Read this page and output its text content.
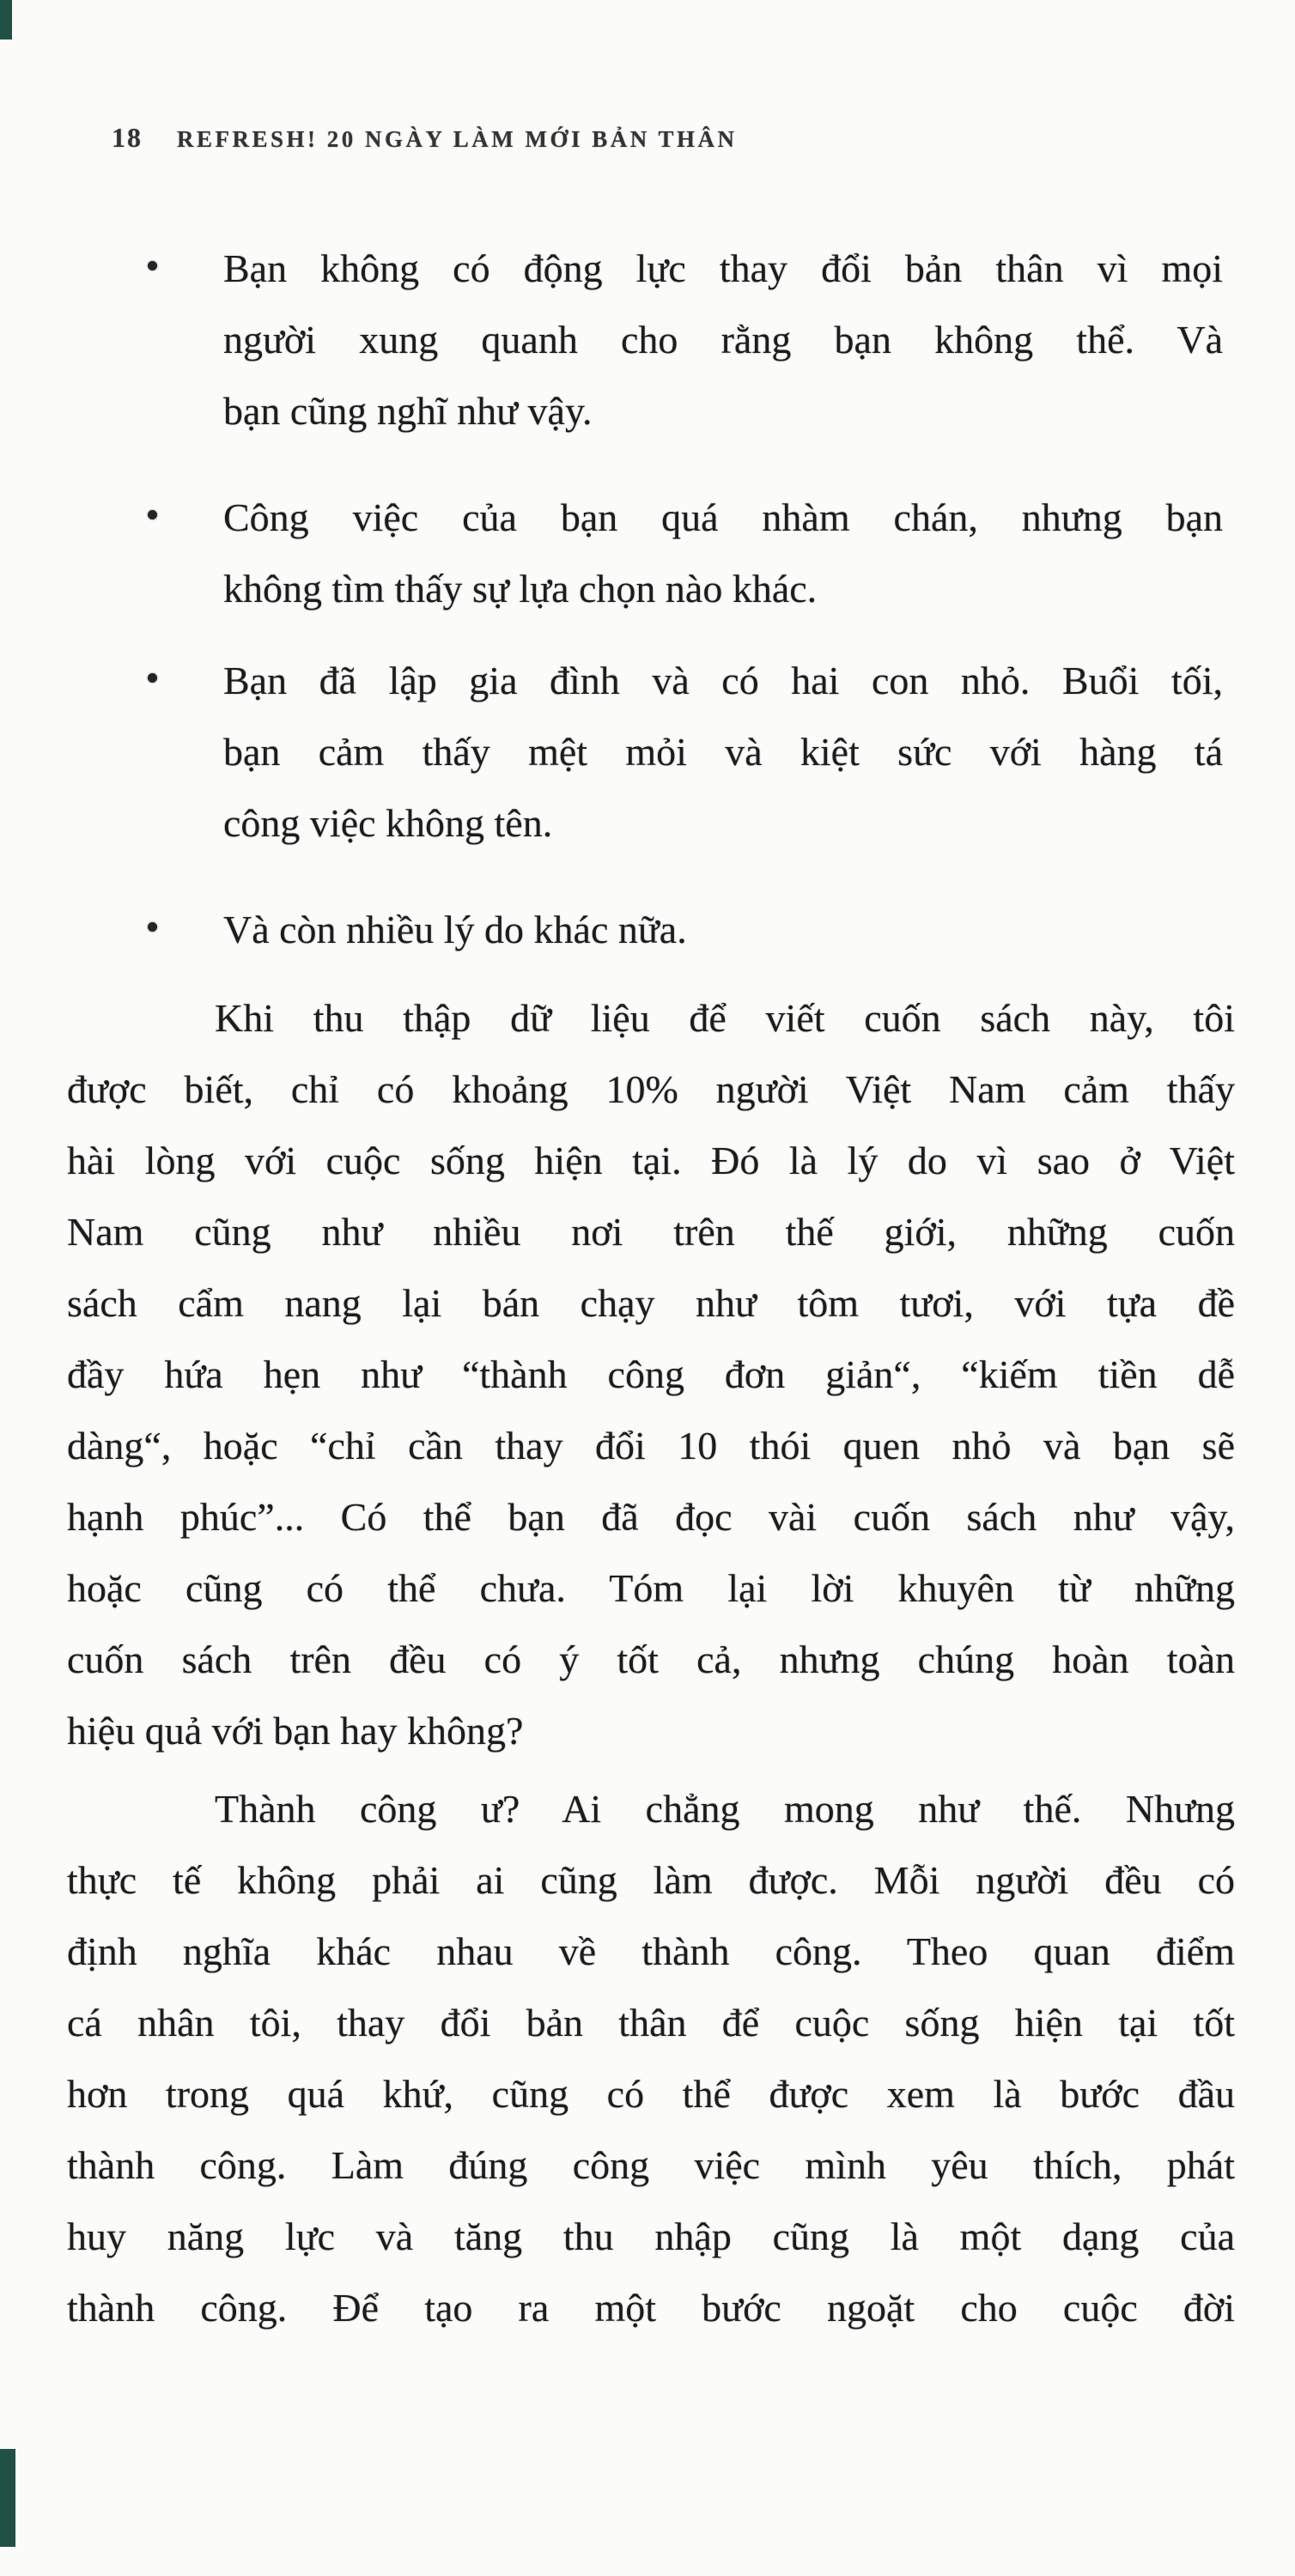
18 REFRESH! 20 NGÀY LÀM MỚI BẢN THÂN
Bạn không có động lực thay đổi bản thân vì mọi
người xung quanh cho rằng bạn không thể. Và
bạn cũng nghĩ như vậy.
Công việc của bạn quá nhàm chán, nhưng bạn
không tìm thấy sự lựa chọn nào khác.
Bạn đã lập gia đình và có hai con nhỏ. Buổi tối,
bạn cảm thấy mệt mỏi và kiệt sức với hàng tá
công việc không tên.
Và còn nhiều lý do khác nữa.
Khi thu thập dữ liệu để viết cuốn sách này, tôi
được biết, chỉ có khoảng 10% người Việt Nam cảm thấy
hài lòng với cuộc sống hiện tại. Đó là lý do vì sao ở Việt
Nam cũng như nhiều nơi trên thế giới, những cuốn
sách cẩm nang lại bán chạy như tôm tươi, với tựa đề
đầy hứa hẹn như “thành công đơn giản“, “kiếm tiền dễ
dàng“, hoặc “chỉ cần thay đổi 10 thói quen nhỏ và bạn sẽ
hạnh phúc”... Có thể bạn đã đọc vài cuốn sách như vậy,
hoặc cũng có thể chưa. Tóm lại lời khuyên từ những
cuốn sách trên đều có ý tốt cả, nhưng chúng hoàn toàn
hiệu quả với bạn hay không?
Thành công ư? Ai chẳng mong như thế. Nhưng
thực tế không phải ai cũng làm được. Mỗi người đều có
định nghĩa khác nhau về thành công. Theo quan điểm
cá nhân tôi, thay đổi bản thân để cuộc sống hiện tại tốt
hơn trong quá khứ, cũng có thể được xem là bước đầu
thành công. Làm đúng công việc mình yêu thích, phát
huy năng lực và tăng thu nhập cũng là một dạng của
thành công. Để tạo ra một bước ngoặt cho cuộc đời
